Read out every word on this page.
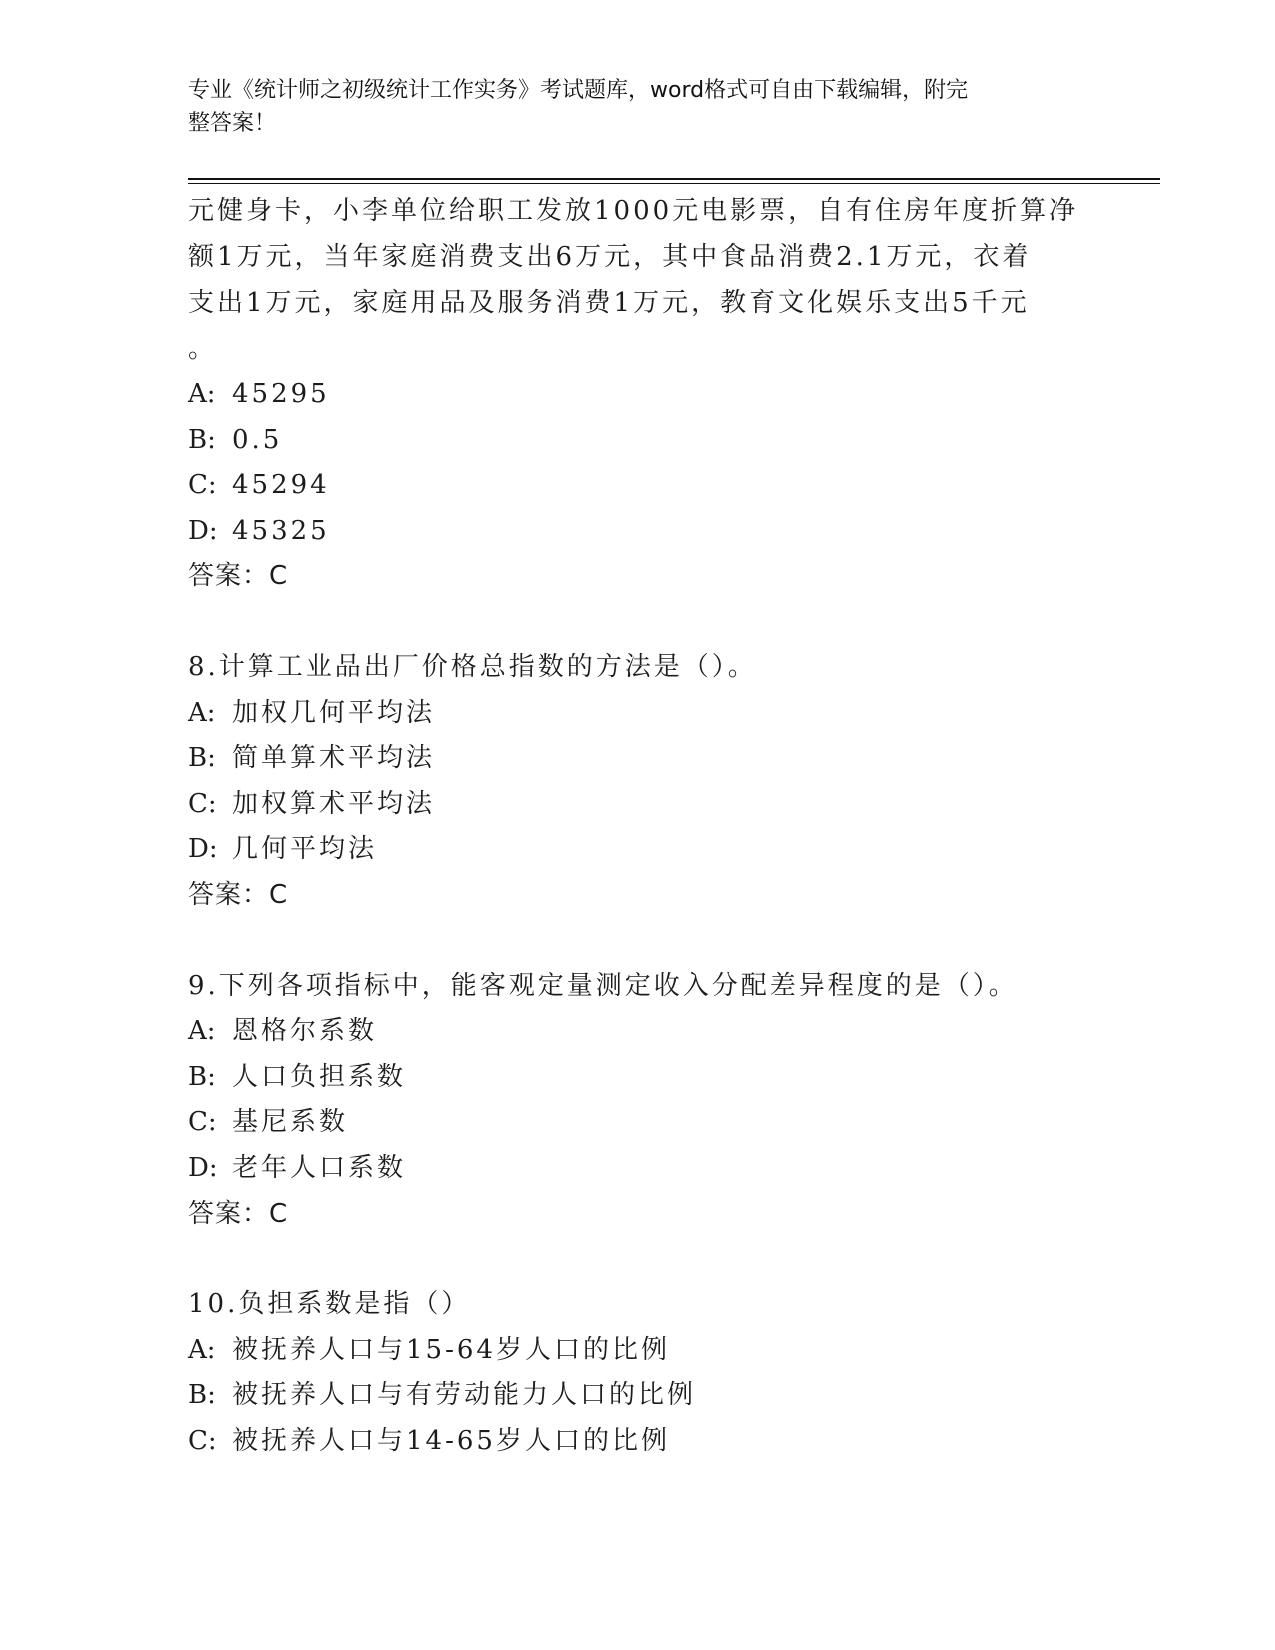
专业《统计师之初级统计工作实务》考试题库，word格式可自由下载编辑，附完
整答案！
元健身卡，小李单位给职工发放1000元电影票，自有住房年度折算净
额1万元，当年家庭消费支出6万元，其中食品消费2.1万元，衣着
支出1万元，家庭用品及服务消费1万元，教育文化娱乐支出5千元
。
A: 45295
B: 0.5
C: 45294
D: 45325
答案：C
8.计算工业品出厂价格总指数的方法是（）。
A: 加权几何平均法
B: 简单算术平均法
C: 加权算术平均法
D: 几何平均法
答案：C
9.下列各项指标中，能客观定量测定收入分配差异程度的是（）。
A: 恩格尔系数
B: 人口负担系数
C: 基尼系数
D: 老年人口系数
答案：C
10.负担系数是指（）
A: 被抚养人口与15-64岁人口的比例
B: 被抚养人口与有劳动能力人口的比例
C: 被抚养人口与14-65岁人口的比例
